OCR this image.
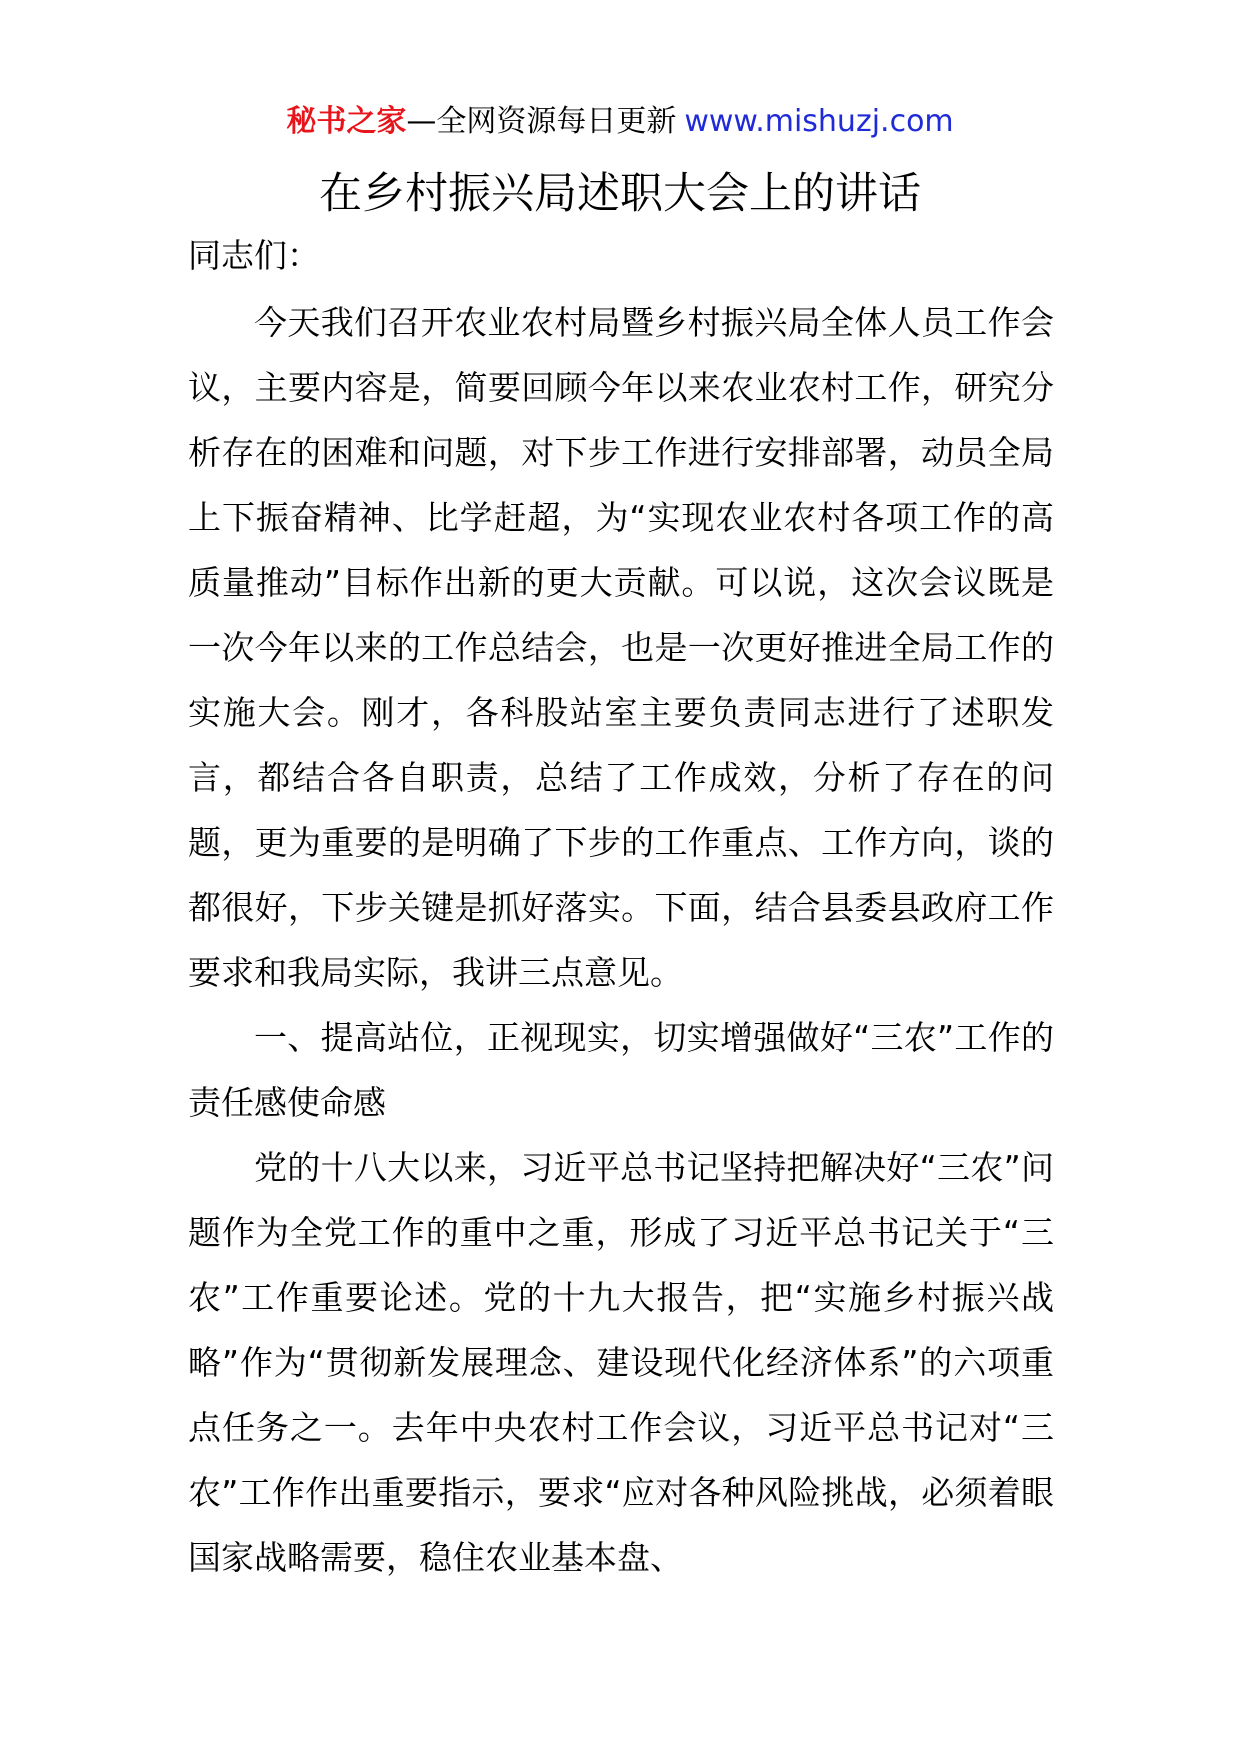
秘书之家—全网资源每日更新 www.mishuzj.com
在乡村振兴局述职大会上的讲话

同志们：

今天我们召开农业农村局暨乡村振兴局全体人员工作会议，主要内容是，简要回顾今年以来农业农村工作，研究分析存在的困难和问题，对下步工作进行安排部署，动员全局上下振奋精神、比学赶超，为“实现农业农村各项工作的高质量推动”目标作出新的更大贡献。可以说，这次会议既是一次今年以来的工作总结会，也是一次更好推进全局工作的实施大会。刚才，各科股站室主要负责同志进行了述职发言，都结合各自职责，总结了工作成效，分析了存在的问题，更为重要的是明确了下步的工作重点、工作方向，谈的都很好，下步关键是抓好落实。下面，结合县委县政府工作要求和我局实际，我讲三点意见。

一、提高站位，正视现实，切实增强做好“三农”工作的责任感使命感

党的十八大以来，习近平总书记坚持把解决好“三农”问题作为全党工作的重中之重，形成了习近平总书记关于“三农”工作重要论述。党的十九大报告，把“实施乡村振兴战略”作为“贯彻新发展理念、建设现代化经济体系”的六项重点任务之一。去年中央农村工作会议，习近平总书记对“三农”工作作出重要指示，要求“应对各种风险挑战，必须着眼国家战略需要，稳住农业基本盘、
